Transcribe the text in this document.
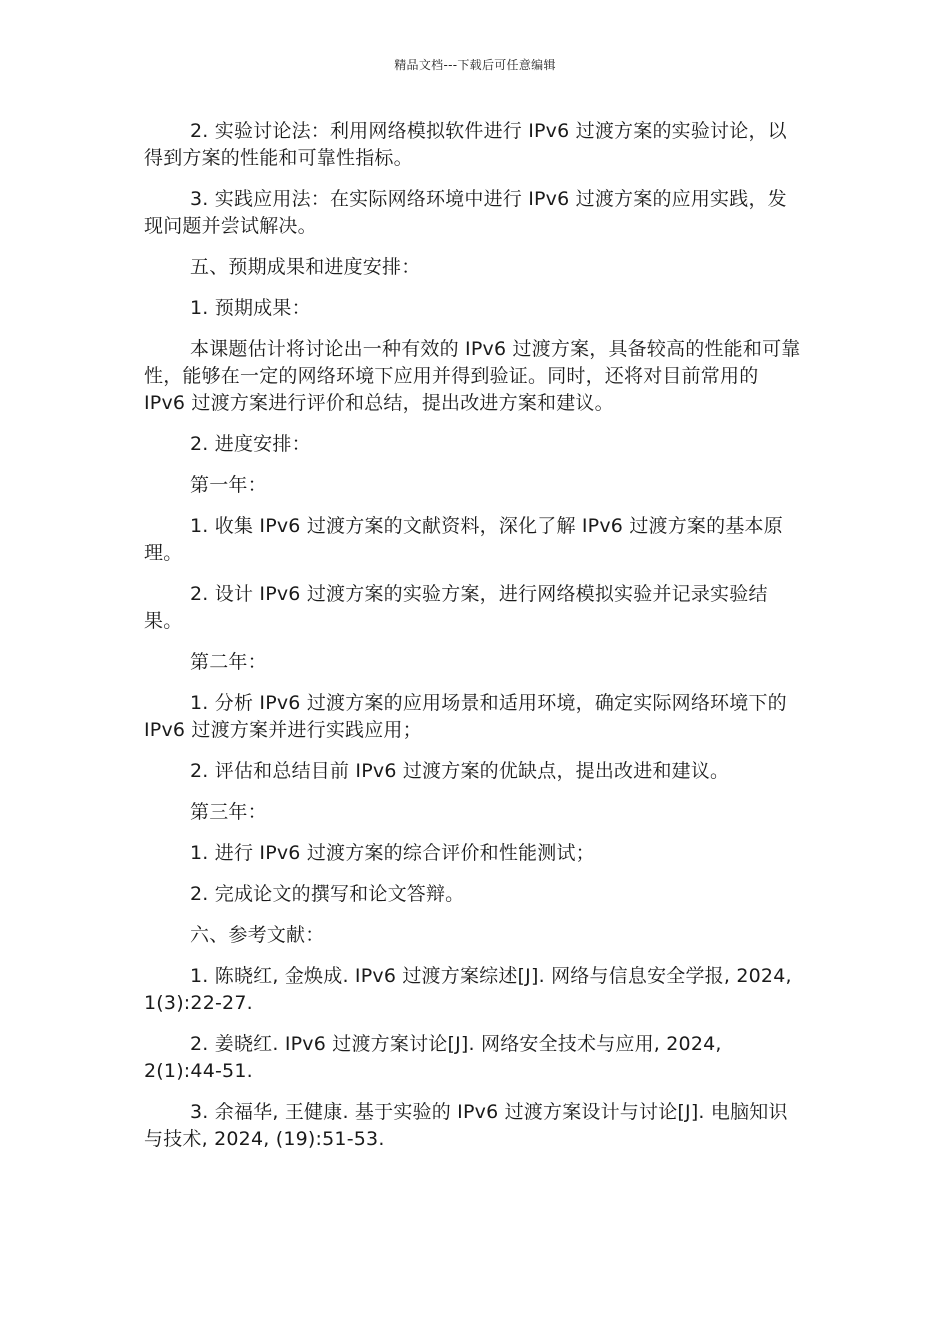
精品文档---下载后可任意编辑

2. 实验讨论法：利用网络模拟软件进行 IPv6 过渡方案的实验讨论，以得到方案的性能和可靠性指标。

3. 实践应用法：在实际网络环境中进行 IPv6 过渡方案的应用实践，发现问题并尝试解决。

五、预期成果和进度安排：

1. 预期成果：

本课题估计将讨论出一种有效的 IPv6 过渡方案，具备较高的性能和可靠性，能够在一定的网络环境下应用并得到验证。同时，还将对目前常用的 IPv6 过渡方案进行评价和总结，提出改进方案和建议。

2. 进度安排：

第一年：

1. 收集 IPv6 过渡方案的文献资料，深化了解 IPv6 过渡方案的基本原理。

2. 设计 IPv6 过渡方案的实验方案，进行网络模拟实验并记录实验结果。

第二年：

1. 分析 IPv6 过渡方案的应用场景和适用环境，确定实际网络环境下的 IPv6 过渡方案并进行实践应用；

2. 评估和总结目前 IPv6 过渡方案的优缺点，提出改进和建议。

第三年：

1. 进行 IPv6 过渡方案的综合评价和性能测试；

2. 完成论文的撰写和论文答辩。

六、参考文献：

1. 陈晓红, 金焕成. IPv6 过渡方案综述[J]. 网络与信息安全学报, 2024, 1(3):22-27.

2. 姜晓红. IPv6 过渡方案讨论[J]. 网络安全技术与应用, 2024, 2(1):44-51.

3. 余福华, 王健康. 基于实验的 IPv6 过渡方案设计与讨论[J]. 电脑知识与技术, 2024, (19):51-53.
